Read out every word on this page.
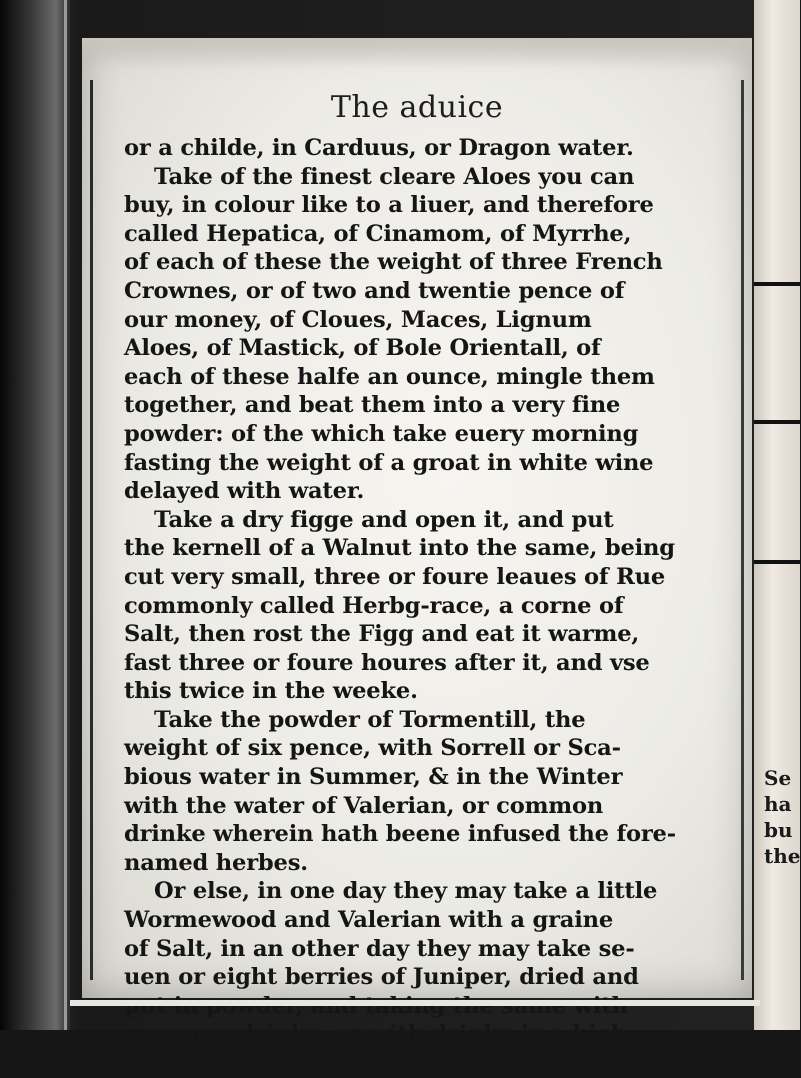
The aduice
or a childe, in Carduus, or Dragon water.
Take of the finest cleare Aloes you can
buy, in colour like to a liuer, and therefore
called Hepatica, of Cinamom, of Myrrhe,
of each of these the weight of three French
Crownes, or of two and twentie pence of
our money, of Cloues, Maces, Lignum
Aloes, of Mastick, of Bole Orientall, of
each of these halfe an ounce, mingle them
together, and beat them into a very fine
powder: of the which take euery morning
fasting the weight of a groat in white wine
delayed with water.
Take a dry figge and open it, and put
the kernell of a Walnut into the same, being
cut very small, three or foure leaues of Rue
commonly called Herbg-race, a corne of
Salt, then rost the Figg and eat it warme,
fast three or foure houres after it, and vse
this twice in the weeke.
Take the powder of Tormentill, the
weight of six pence, with Sorrell or Sca-
bious water in Summer, & in the Winter
with the water of Valerian, or common
drinke wherein hath beene infused the fore-
named herbes.
Or else, in one day they may take a little
Wormewood and Valerian with a graine
of Salt, in an other day they may take se-
uen or eight berries of Juniper, dried and
common drinke, or with drinke in which
Wormewood
Se
ha
bu
the
